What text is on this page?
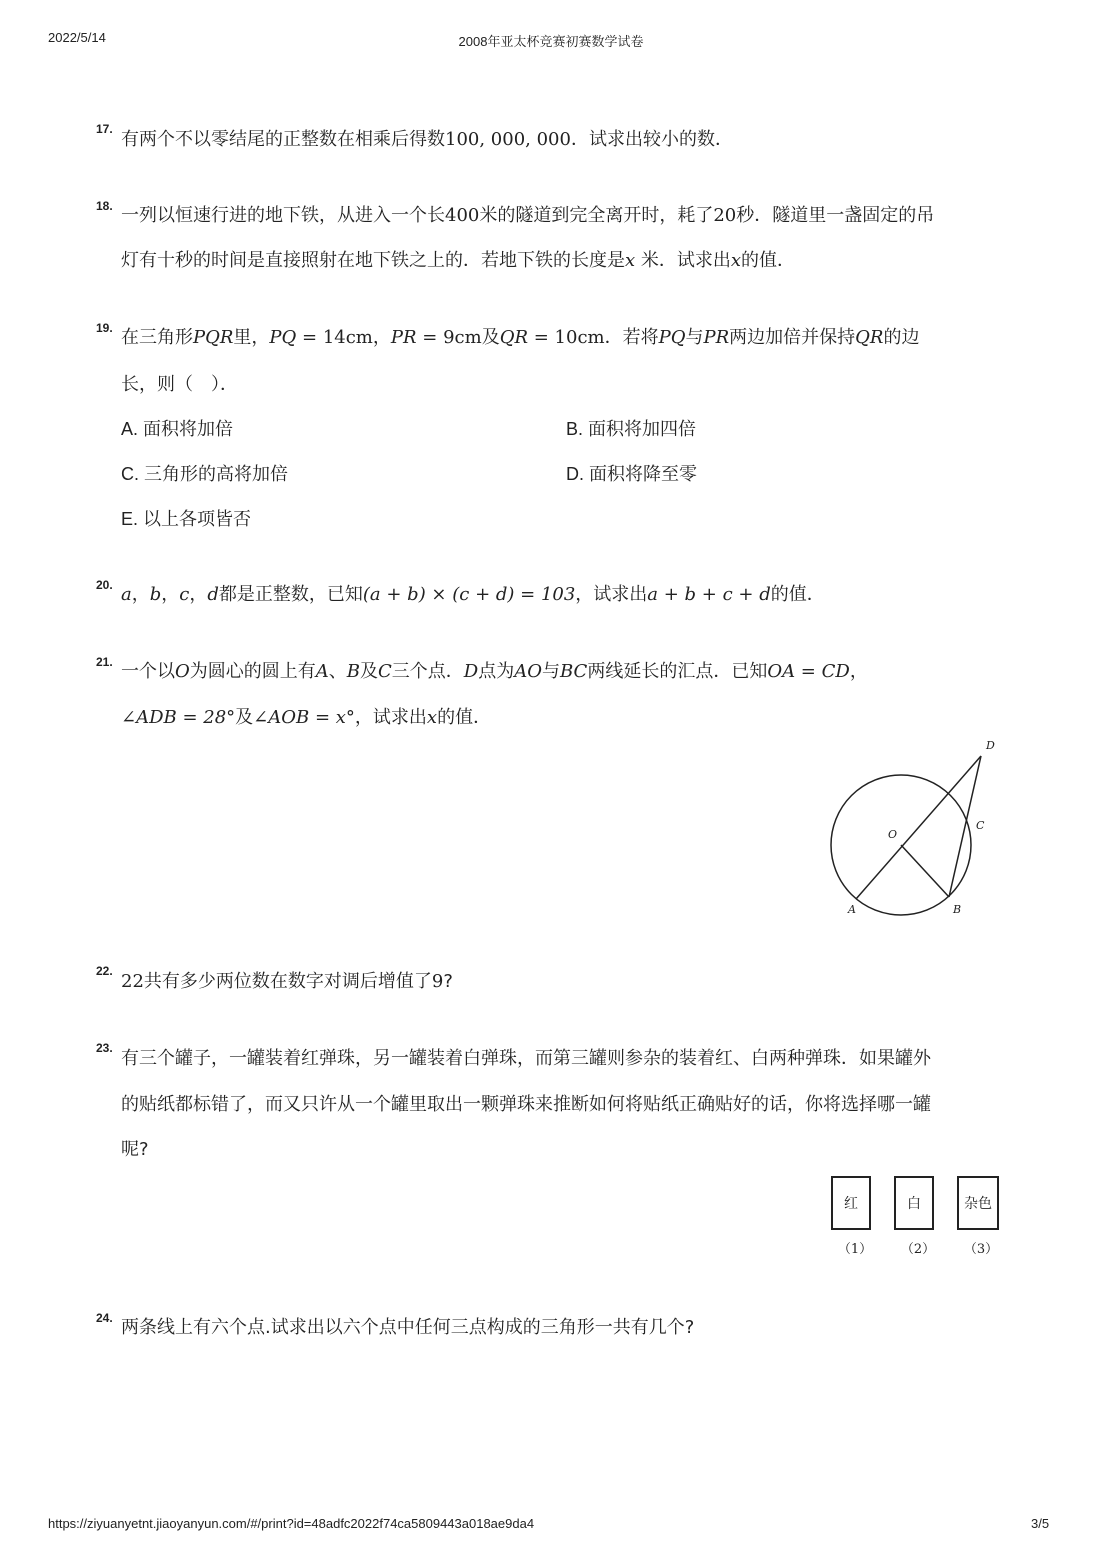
2022/5/14	2008年亚太杯竞赛初赛数学试卷
17. 有两个不以零结尾的正整数在相乘后得数100, 000, 000．试求出较小的数．
18. 一列以恒速行进的地下铁，从进入一个长400米的隧道到完全离开时，耗了20秒．隧道里一盏固定的吊
灯有十秒的时间是直接照射在地下铁之上的．若地下铁的长度是x 米．试求出x的值．
19. 在三角形PQR里，PQ = 14cm，PR = 9cm及QR = 10cm．若将PQ与PR两边加倍并保持QR的边
长，则（　）．
A. 面积将加倍	B. 面积将加四倍
C. 三角形的高将加倍	D. 面积将降至零
E. 以上各项皆否
20. a，b，c，d都是正整数，已知(a + b) × (c + d) = 103，试求出a + b + c + d的值．
21. 一个以O为圆心的圆上有A、B及C三个点．D点为AO与BC两线延长的汇点．已知OA = CD，
∠ADB = 28°及∠AOB = x°，试求出x的值．
D
O
C
A	B
22. 22共有多少两位数在数字对调后增值了9?
23. 有三个罐子，一罐装着红弹珠，另一罐装着白弹珠，而第三罐则参杂的装着红、白两种弹珠．如果罐外
的贴纸都标错了，而又只许从一个罐里取出一颗弹珠来推断如何将贴纸正确贴好的话，你将选择哪一罐
呢?
红	白	杂色
（1）	（2）	（3）
24. 两条线上有六个点.试求出以六个点中任何三点构成的三角形一共有几个?
https://ziyuanyetnt.jiaoyanyun.com/#/print?id=48adfc2022f74ca5809443a018ae9da4	3/5
